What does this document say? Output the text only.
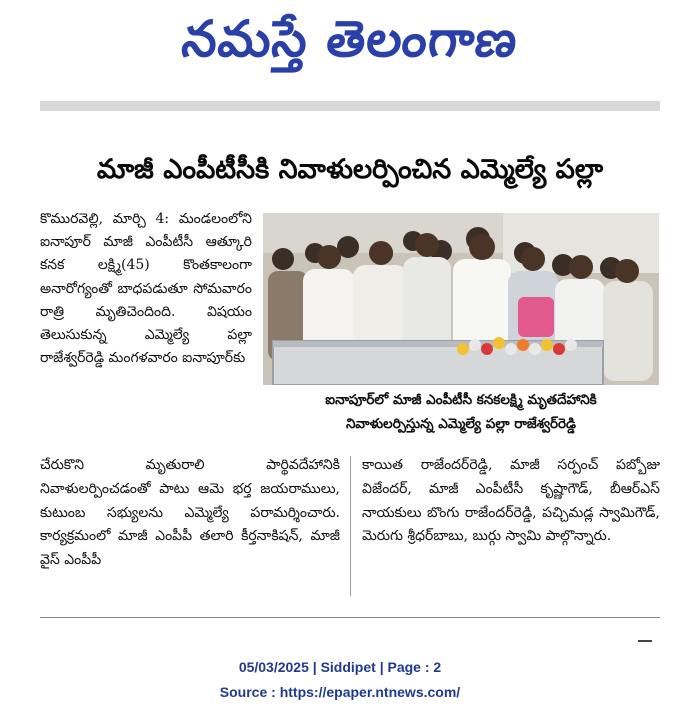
నమస్తే తెలంగాణ
మాజీ ఎంపీటీసీకి నివాళులర్పించిన ఎమ్మెల్యే పల్లా

కొమురవెల్లి, మార్చి 4: మండలంలోని ఐనాపూర్ మాజీ ఎంపీటీసీ ఆత్కూరి కనక లక్ష్మి(45) కొంతకాలంగా అనారోగ్యంతో బాధపడుతూ సోమవారం రాత్రి మృతిచెందింది. విషయం తెలుసుకున్న ఎమ్మెల్యే పల్లా రాజేశ్వర్‌రెడ్డి మంగళవారం ఐనాపూర్‌కు

ఐనాపూర్‌లో మాజీ ఎంపీటీసీ కనకలక్ష్మి మృతదేహానికి
నివాళులర్పిస్తున్న ఎమ్మెల్యే పల్లా రాజేశ్వర్‌రెడ్డి

చేరుకొని మృతురాలి పార్థివదేహానికి నివాళులర్పించడంతో పాటు ఆమె భర్త జయరాములు, కుటుంబ సభ్యులను ఎమ్మెల్యే పరామర్శించారు. కార్యక్రమంలో మాజీ ఎంపీపీ తలారి కీర్తనాకిషన్, మాజీ వైస్ ఎంపీపీ

కాయిత రాజేందర్‌రెడ్డి, మాజీ సర్పంచ్ పబ్బోజు విజేందర్, మాజీ ఎంపీటీసీ కృష్ణాగౌడ్, బీఆర్‌ఎస్ నాయకులు బొంగు రాజేందర్‌రెడ్డి, పచ్చిమడ్ల స్వామిగౌడ్, మెరుగు శ్రీధర్‌బాబు, బుర్గు స్వామి పాల్గొన్నారు.

05/03/2025 | Siddipet | Page : 2
Source : https://epaper.ntnews.com/
